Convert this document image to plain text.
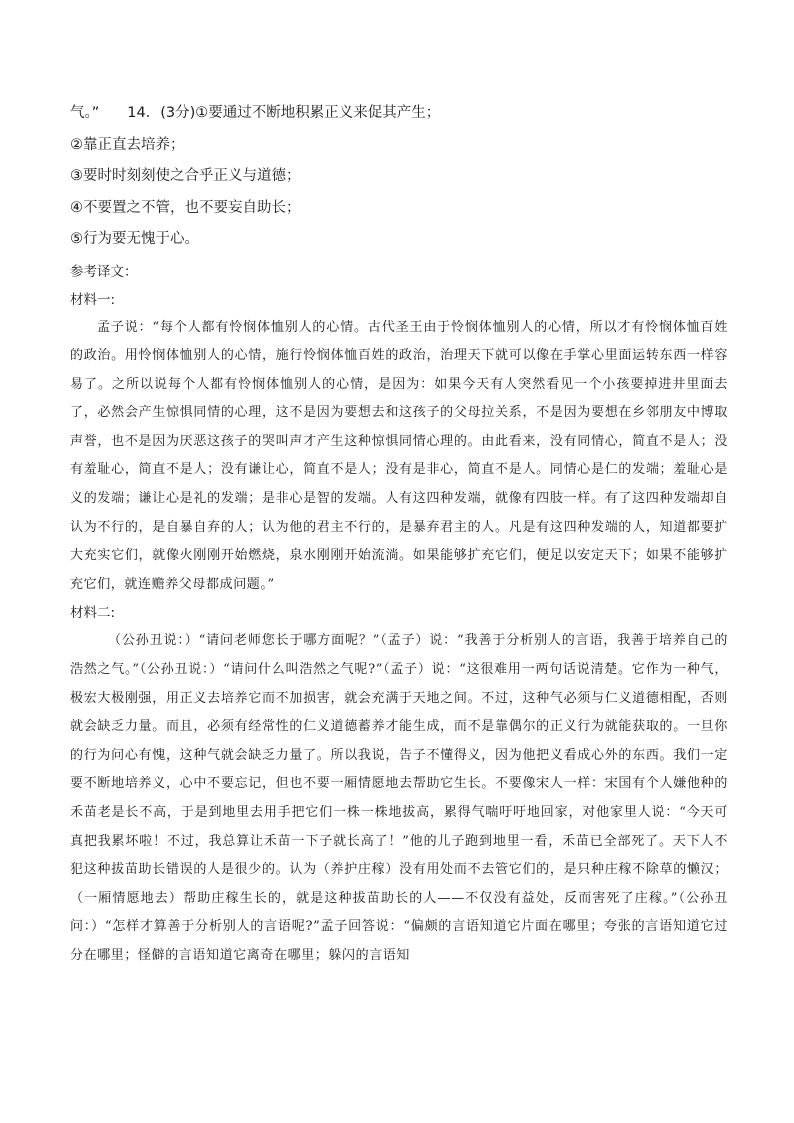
气。” 14．(3分)①要通过不断地积累正义来促其产生；

②靠正直去培养；

③要时时刻刻使之合乎正义与道德；

④不要置之不管，也不要妄自助长；

⑤行为要无愧于心。

参考译文：

材料一:

孟子说：“每个人都有怜悯体恤别人的心情。古代圣王由于怜悯体恤别人的心情，所以才有怜悯体恤百姓的政治。用怜悯体恤别人的心情，施行怜悯体恤百姓的政治，治理天下就可以像在手掌心里面运转东西一样容易了。之所以说每个人都有怜悯体恤别人的心情，是因为：如果今天有人突然看见一个小孩要掉进井里面去了，必然会产生惊惧同情的心理，这不是因为要想去和这孩子的父母拉关系，不是因为要想在乡邻朋友中博取声誉，也不是因为厌恶这孩子的哭叫声才产生这种惊惧同情心理的。由此看来，没有同情心，简直不是人；没有羞耻心，简直不是人；没有谦让心，简直不是人；没有是非心，简直不是人。同情心是仁的发端；羞耻心是义的发端；谦让心是礼的发端；是非心是智的发端。人有这四种发端，就像有四肢一样。有了这四种发端却自认为不行的，是自暴自弃的人；认为他的君主不行的，是暴弃君主的人。凡是有这四种发端的人，知道都要扩大充实它们，就像火刚刚开始燃烧，泉水刚刚开始流淌。如果能够扩充它们，便足以安定天下；如果不能够扩充它们，就连赡养父母都成问题。”

材料二:

（公孙丑说：）“请问老师您长于哪方面呢？”（孟子）说：“我善于分析别人的言语，我善于培养自己的浩然之气。”（公孙丑说：）“请问什么叫浩然之气呢?”（孟子）说：“这很难用一两句话说清楚。它作为一种气，极宏大极刚强，用正义去培养它而不加损害，就会充满于天地之间。不过，这种气必须与仁义道德相配，否则就会缺乏力量。而且，必须有经常性的仁义道德蓄养才能生成，而不是靠偶尔的正义行为就能获取的。一旦你的行为问心有愧，这种气就会缺乏力量了。所以我说，告子不懂得义，因为他把义看成心外的东西。我们一定要不断地培养义，心中不要忘记，但也不要一厢情愿地去帮助它生长。不要像宋人一样：宋国有个人嫌他种的禾苗老是长不高，于是到地里去用手把它们一株一株地拔高，累得气喘吁吁地回家，对他家里人说：“今天可真把我累坏啦！不过，我总算让禾苗一下子就长高了！”他的儿子跑到地里一看，禾苗已全部死了。天下人不犯这种拔苗助长错误的人是很少的。认为（养护庄稼）没有用处而不去管它们的，是只种庄稼不除草的懒汉；（一厢情愿地去）帮助庄稼生长的，就是这种拔苗助长的人——不仅没有益处，反而害死了庄稼。”（公孙丑问：）“怎样才算善于分析别人的言语呢?”孟子回答说：“偏颇的言语知道它片面在哪里；夸张的言语知道它过分在哪里；怪僻的言语知道它离奇在哪里；躲闪的言语知
